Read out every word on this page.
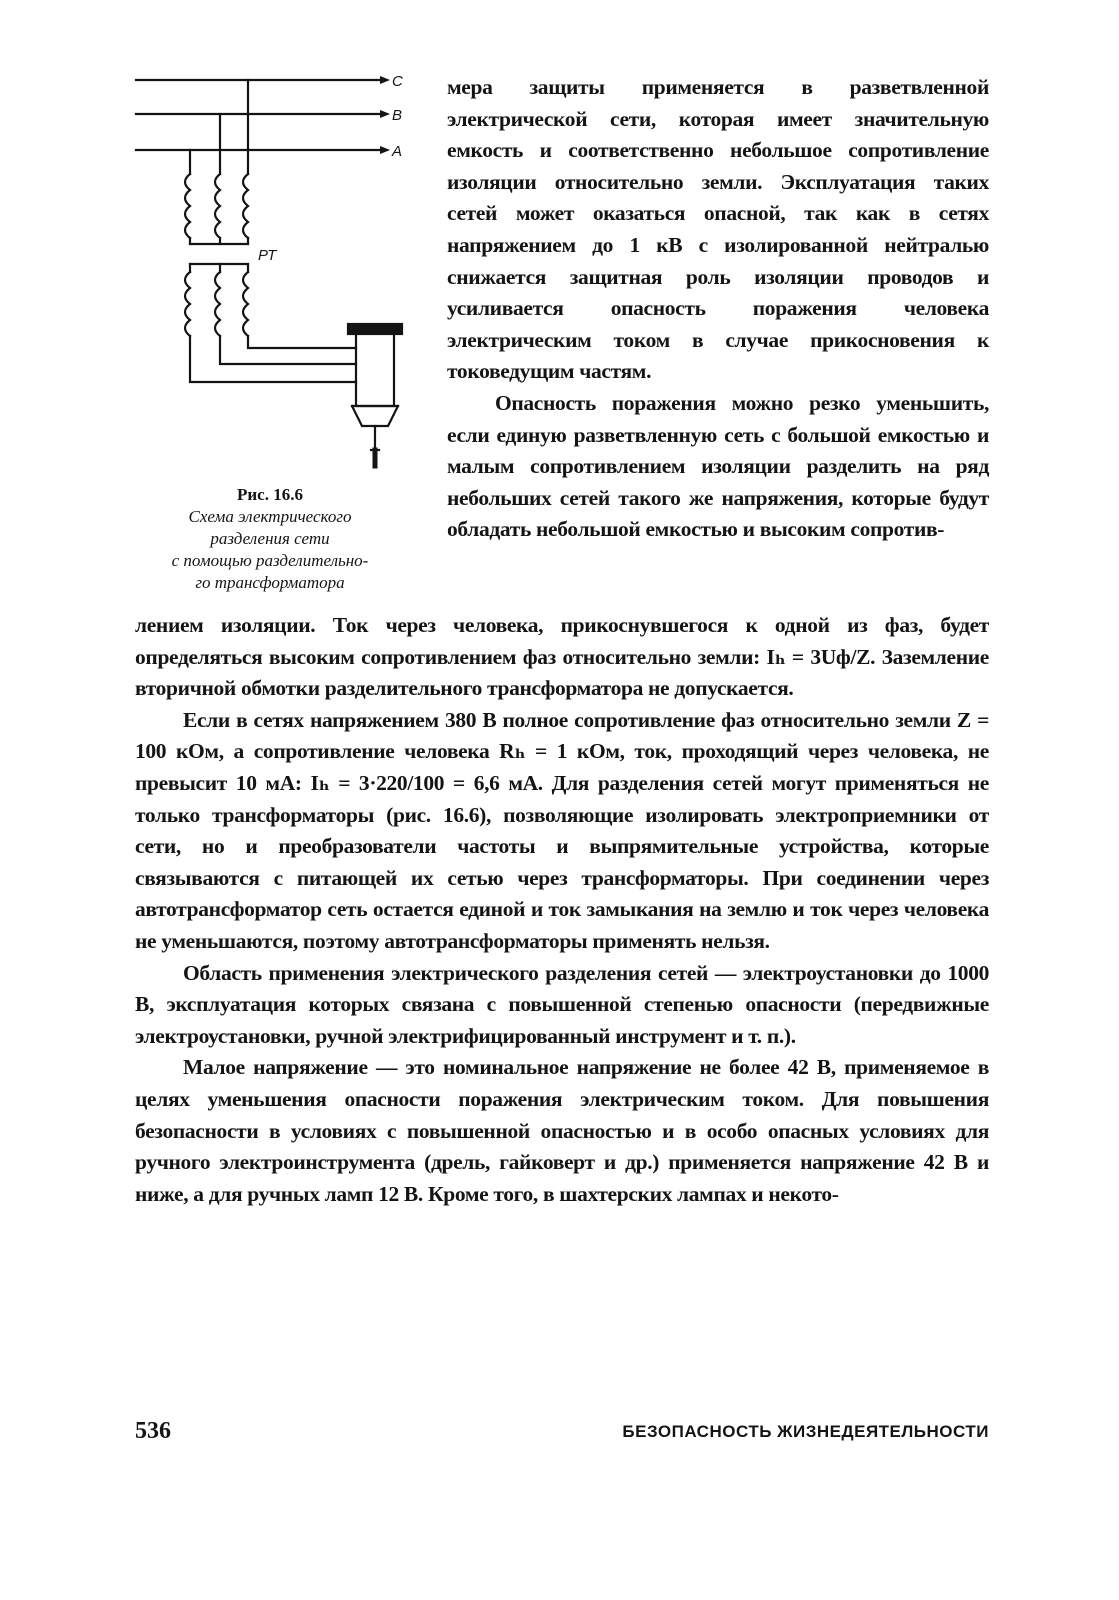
C
B
A
РТ
Рис. 16.6
Схема электрического
разделения сети
с помощью разделительно-
го трансформатора

мера защиты применяется в разветвленной электрической сети, которая имеет значительную емкость и соответственно небольшое сопротивление изоляции относительно земли. Эксплуатация таких сетей может оказаться опасной, так как в сетях напряжением до 1 кВ с изолированной нейтралью снижается защитная роль изоляции проводов и усиливается опасность поражения человека электрическим током в случае прикосновения к токоведущим частям.

Опасность поражения можно резко уменьшить, если единую разветвленную сеть с большой емкостью и малым сопротивлением изоляции разделить на ряд небольших сетей такого же напряжения, которые будут обладать небольшой емкостью и высоким сопротив-

лением изоляции. Ток через человека, прикоснувшегося к одной из фаз, будет определяться высоким сопротивлением фаз относительно земли: Iₕ = 3Uф/Z. Заземление вторичной обмотки разделительного трансформатора не допускается.

Если в сетях напряжением 380 В полное сопротивление фаз относительно земли Z = 100 кОм, а сопротивление человека Rₕ = 1 кОм, ток, проходящий через человека, не превысит 10 мА: Iₕ = 3·220/100 = 6,6 мА. Для разделения сетей могут применяться не только трансформаторы (рис. 16.6), позволяющие изолировать электроприемники от сети, но и преобразователи частоты и выпрямительные устройства, которые связываются с питающей их сетью через трансформаторы. При соединении через автотрансформатор сеть остается единой и ток замыкания на землю и ток через человека не уменьшаются, поэтому автотрансформаторы применять нельзя.

Область применения электрического разделения сетей — электроустановки до 1000 В, эксплуатация которых связана с повышенной степенью опасности (передвижные электроустановки, ручной электрифицированный инструмент и т. п.).

Малое напряжение — это номинальное напряжение не более 42 В, применяемое в целях уменьшения опасности поражения электрическим током. Для повышения безопасности в условиях с повышенной опасностью и в особо опасных условиях для ручного электроинструмента (дрель, гайковерт и др.) применяется напряжение 42 В и ниже, а для ручных ламп 12 В. Кроме того, в шахтерских лампах и некото-

536	БЕЗОПАСНОСТЬ ЖИЗНЕДЕЯТЕЛЬНОСТИ
